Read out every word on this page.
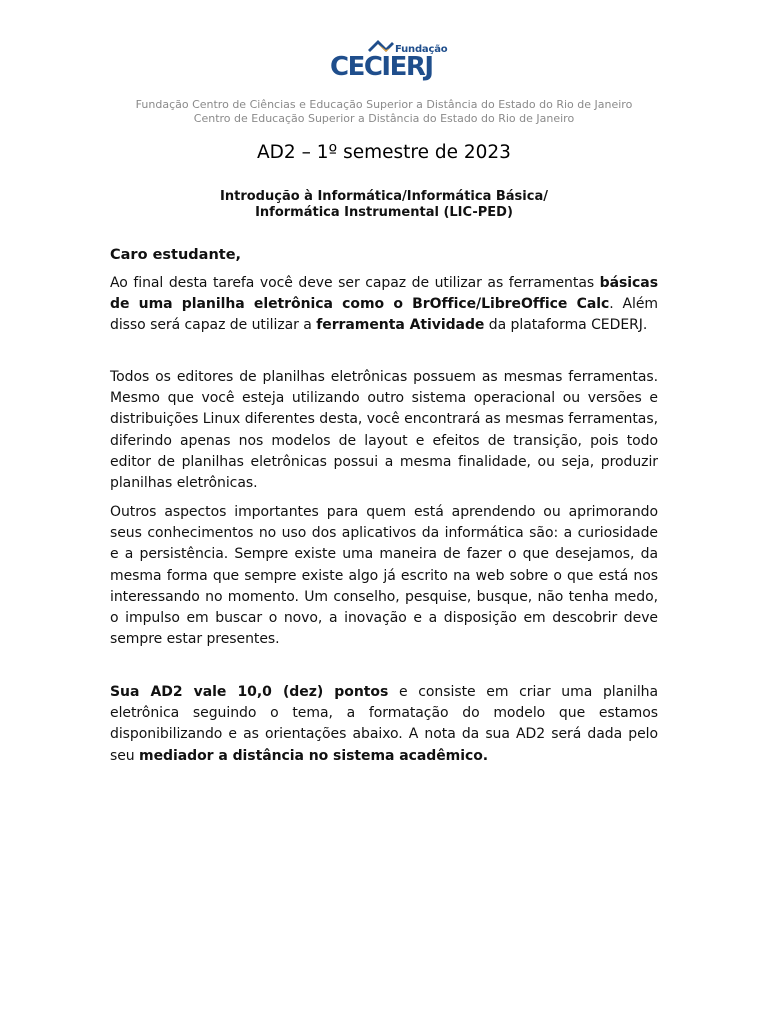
Fundação
CECIERJ
Fundação Centro de Ciências e Educação Superior a Distância do Estado do Rio de Janeiro
Centro de Educação Superior a Distância do Estado do Rio de Janeiro
AD2 – 1º semestre de 2023
Introdução à Informática/Informática Básica/
Informática Instrumental (LIC-PED)
Caro estudante,
Ao final desta tarefa você deve ser capaz de utilizar as ferramentas básicas de uma planilha eletrônica como o BrOffice/LibreOffice Calc. Além disso será capaz de utilizar a ferramenta Atividade da plataforma CEDERJ.
Todos os editores de planilhas eletrônicas possuem as mesmas ferramentas. Mesmo que você esteja utilizando outro sistema operacional ou versões e distribuições Linux diferentes desta, você encontrará as mesmas ferramentas, diferindo apenas nos modelos de layout e efeitos de transição, pois todo editor de planilhas eletrônicas possui a mesma finalidade, ou seja, produzir planilhas eletrônicas.
Outros aspectos importantes para quem está aprendendo ou aprimorando seus conhecimentos no uso dos aplicativos da informática são: a curiosidade e a persistência. Sempre existe uma maneira de fazer o que desejamos, da mesma forma que sempre existe algo já escrito na web sobre o que está nos interessando no momento. Um conselho, pesquise, busque, não tenha medo, o impulso em buscar o novo, a inovação e a disposição em descobrir deve sempre estar presentes.
Sua AD2 vale 10,0 (dez) pontos e consiste em criar uma planilha eletrônica seguindo o tema, a formatação do modelo que estamos disponibilizando e as orientações abaixo. A nota da sua AD2 será dada pelo seu mediador a distância no sistema acadêmico.
